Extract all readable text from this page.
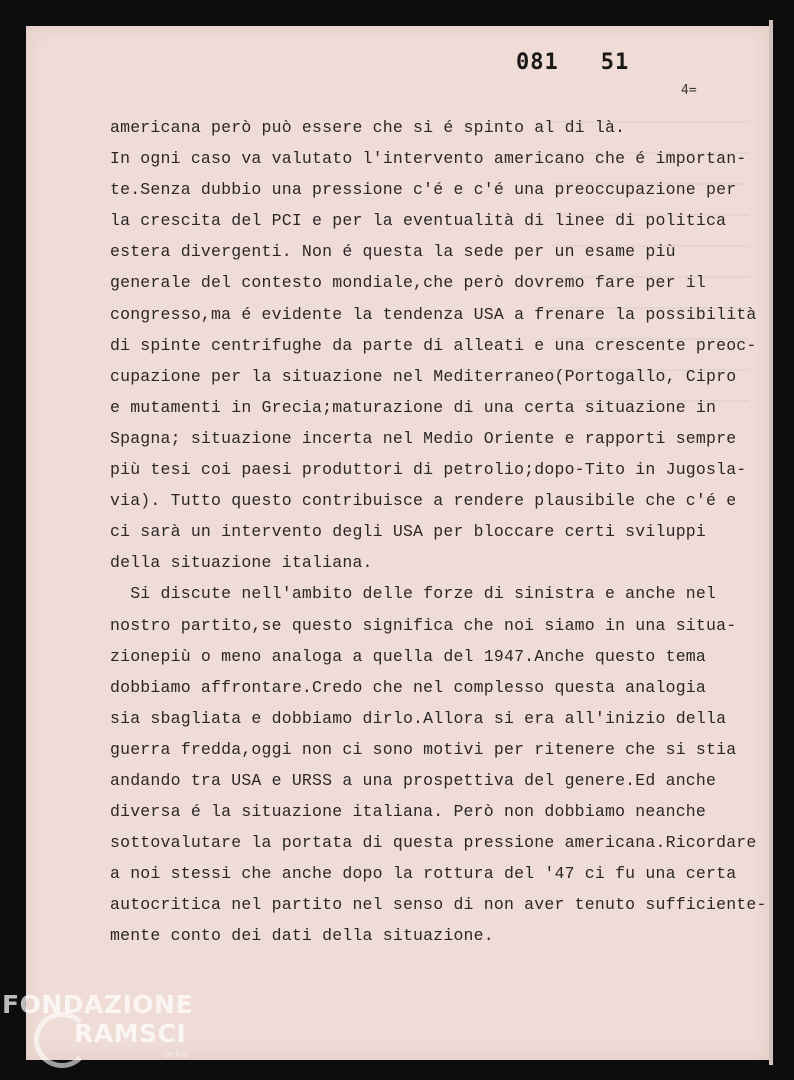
081 51
4=
americana però può essere che si é spinto al di là.
In ogni caso va valutato l'intervento americano che é importan-
te.Senza dubbio una pressione c'é e c'é una preoccupazione per
la crescita del PCI e per la eventualità di linee di politica
estera divergenti. Non é questa la sede per un esame più
generale del contesto mondiale,che però dovremo fare per il
congresso,ma é evidente la tendenza USA a frenare la possibilità
di spinte centrifughe da parte di alleati e una crescente preoc-
cupazione per la situazione nel Mediterraneo(Portogallo, Cipro
e mutamenti in Grecia;maturazione di una certa situazione in
Spagna; situazione incerta nel Medio Oriente e rapporti sempre
più tesi coi paesi produttori di petrolio;dopo-Tito in Jugosla-
via). Tutto questo contribuisce a rendere plausibile che c'é e
ci sarà un intervento degli USA per bloccare certi sviluppi
della situazione italiana.
Si discute nell'ambito delle forze di sinistra e anche nel
nostro partito,se questo significa che noi siamo in una situa-
zionepiù o meno analoga a quella del 1947.Anche questo tema
dobbiamo affrontare.Credo che nel complesso questa analogia
sia sbagliata e dobbiamo dirlo.Allora si era all'inizio della
guerra fredda,oggi non ci sono motivi per ritenere che si stia
andando tra USA e URSS a una prospettiva del genere.Ed anche
diversa é la situazione italiana. Però non dobbiamo neanche
sottovalutare la portata di questa pressione americana.Ricordare
a noi stessi che anche dopo la rottura del '47 ci fu una certa
autocritica nel partito nel senso di non aver tenuto sufficiente-
mente conto dei dati della situazione.
FONDAZIONE
RAMSCI
onlus
